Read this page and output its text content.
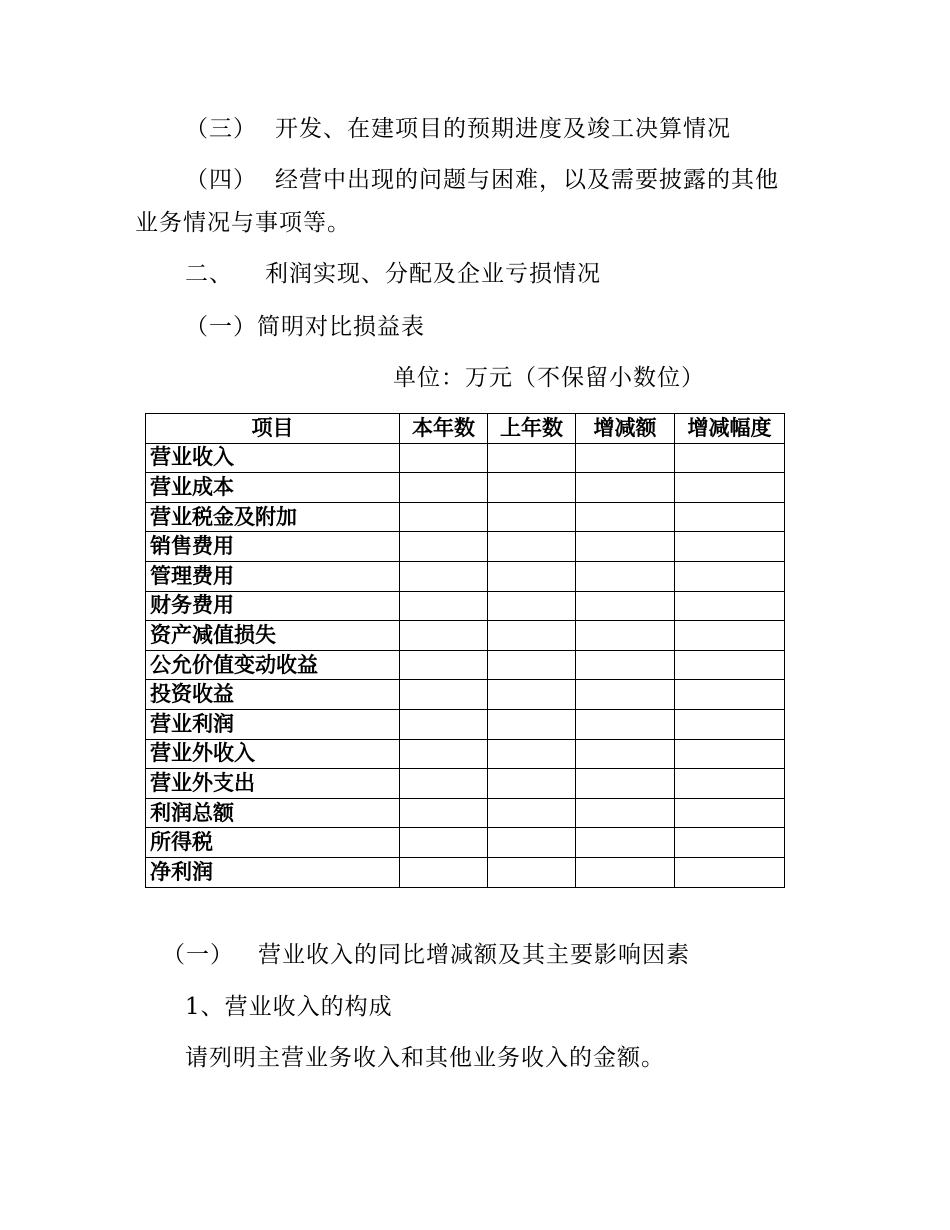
（三） 开发、在建项目的预期进度及竣工决算情况
（四） 经营中出现的问题与困难，以及需要披露的其他
业务情况与事项等。
二、 利润实现、分配及企业亏损情况
（一）简明对比损益表
单位：万元（不保留小数位）
项目	本年数	上年数	增减额	增减幅度
营业收入				
营业成本				
营业税金及附加				
销售费用				
管理费用				
财务费用				
资产减值损失				
公允价值变动收益				
投资收益				
营业利润				
营业外收入				
营业外支出				
利润总额				
所得税				
净利润				
（一） 营业收入的同比增减额及其主要影响因素
1、营业收入的构成
请列明主营业务收入和其他业务收入的金额。
